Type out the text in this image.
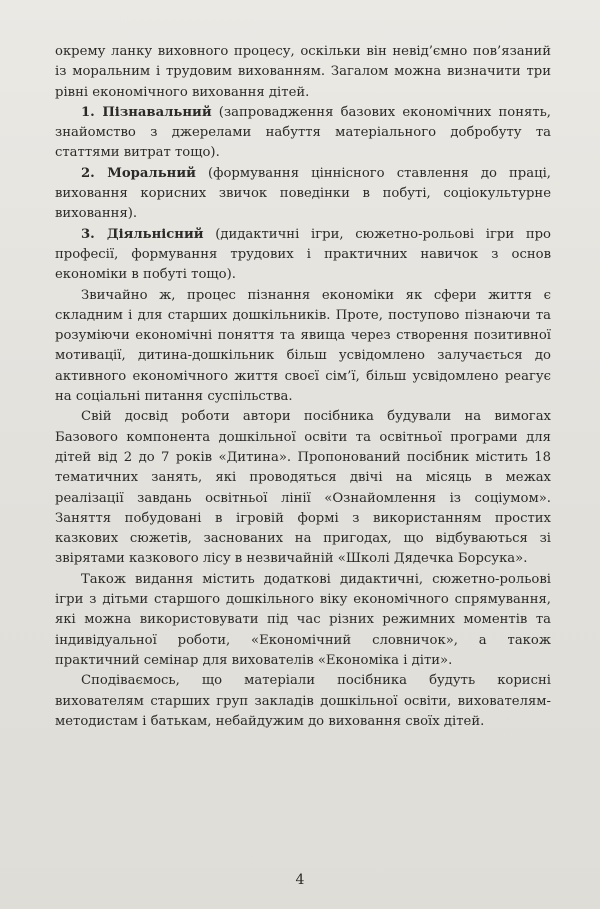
окрему ланку виховного процесу, оскільки він невід’ємно пов’язаний із моральним і трудовим вихованням. Загалом можна визначити три рівні економічного виховання дітей.

1. Пізнавальний (запровадження базових економічних понять, знайомство з джерелами набуття матеріального добробуту та статтями витрат тощо).

2. Моральний (формування ціннісного ставлення до праці, виховання корисних звичок поведінки в побуті, соціокультурне виховання).

3. Діяльнісний (дидактичні ігри, сюжетно-рольові ігри про професії, формування трудових і практичних навичок з основ економіки в побуті тощо).

Звичайно ж, процес пізнання економіки як сфери життя є складним і для старших дошкільників. Проте, поступово пізнаючи та розуміючи економічні поняття та явища через створення позитивної мотивації, дитина-дошкільник більш усвідомлено залучається до активного економічного життя своєї сім’ї, більш усвідомлено реагує на соціальні питання суспільства.

Свій досвід роботи автори посібника будували на вимогах Базового компонента дошкільної освіти та освітньої програми для дітей від 2 до 7 років «Дитина». Пропонований посібник містить 18 тематичних занять, які проводяться двічі на місяць в межах реалізації завдань освітньої лінії «Ознайомлення із соціумом». Заняття побудовані в ігровій формі з використанням простих казкових сюжетів, заснованих на пригодах, що відбуваються зі звірятами казкового лісу в незвичайній «Школі Дядечка Борсука».

Також видання містить додаткові дидактичні, сюжетно-рольові ігри з дітьми старшого дошкільного віку економічного спрямування, які можна використовувати під час різних режимних моментів та індивідуальної роботи, «Економічний словничок», а також практичний семінар для вихователів «Економіка і діти».

Сподіваємось, що матеріали посібника будуть корисні вихователям старших груп закладів дошкільної освіти, вихователям-методистам і батькам, небайдужим до виховання своїх дітей.

4
